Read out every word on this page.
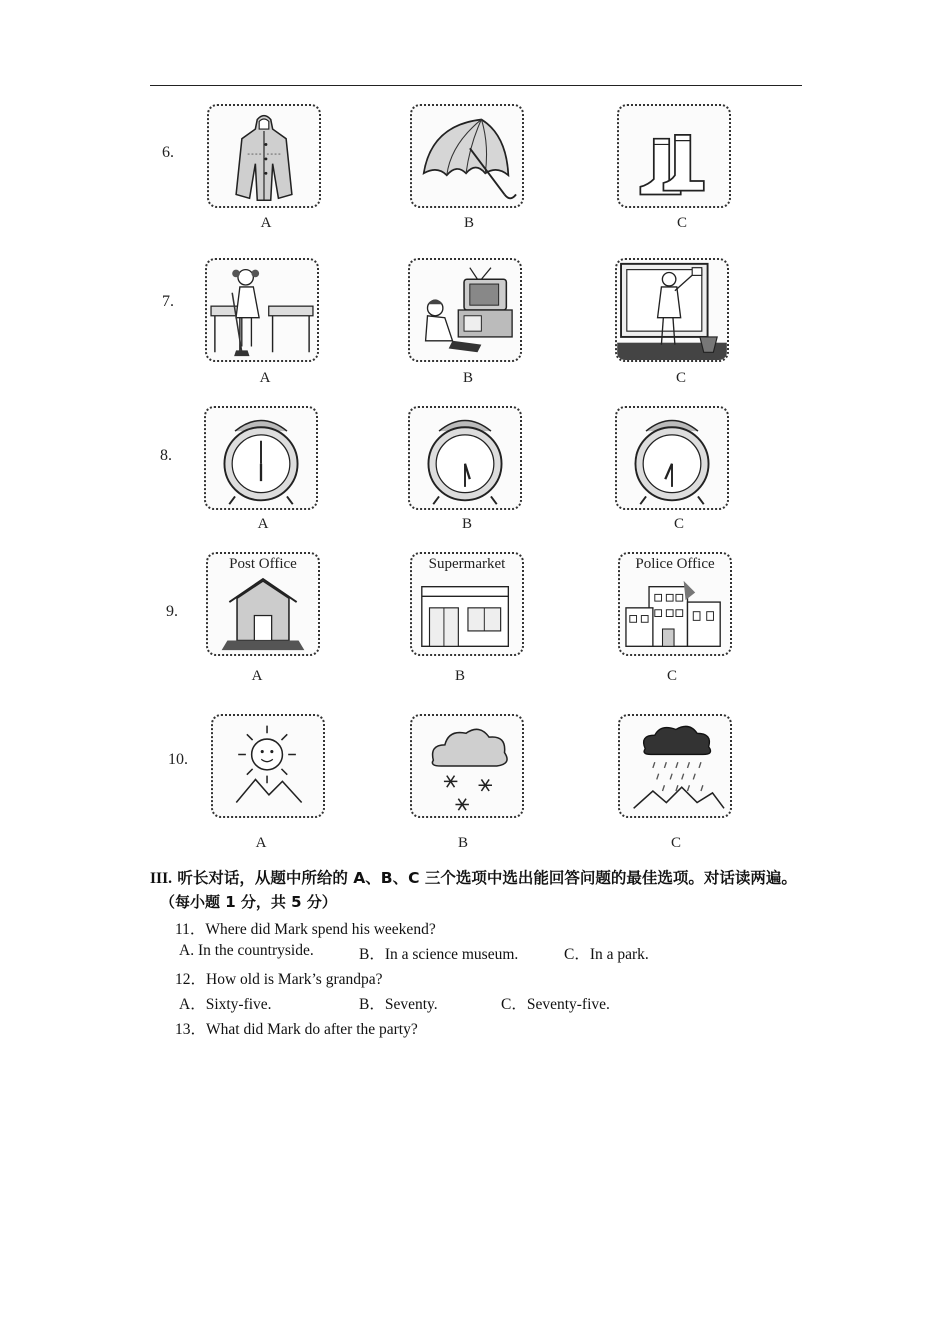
6.
A	B	C
7.
A	B	C
8.
A	B	C
9.
Post Office
A
Supermarket
B
Police Office
C
10.
A	B	C
III. 听长对话，从题中所给的 A、B、C 三个选项中选出能回答问题的最佳选项。对话读两遍。
（每小题 1 分，共 5 分）
11．Where did Mark spend his weekend?
A. In the countryside.	B．In a science museum.	C．In a park.
12．How old is Mark’s grandpa?
A．Sixty-five.	B．Seventy.	C．Seventy-five.
13．What did Mark do after the party?
